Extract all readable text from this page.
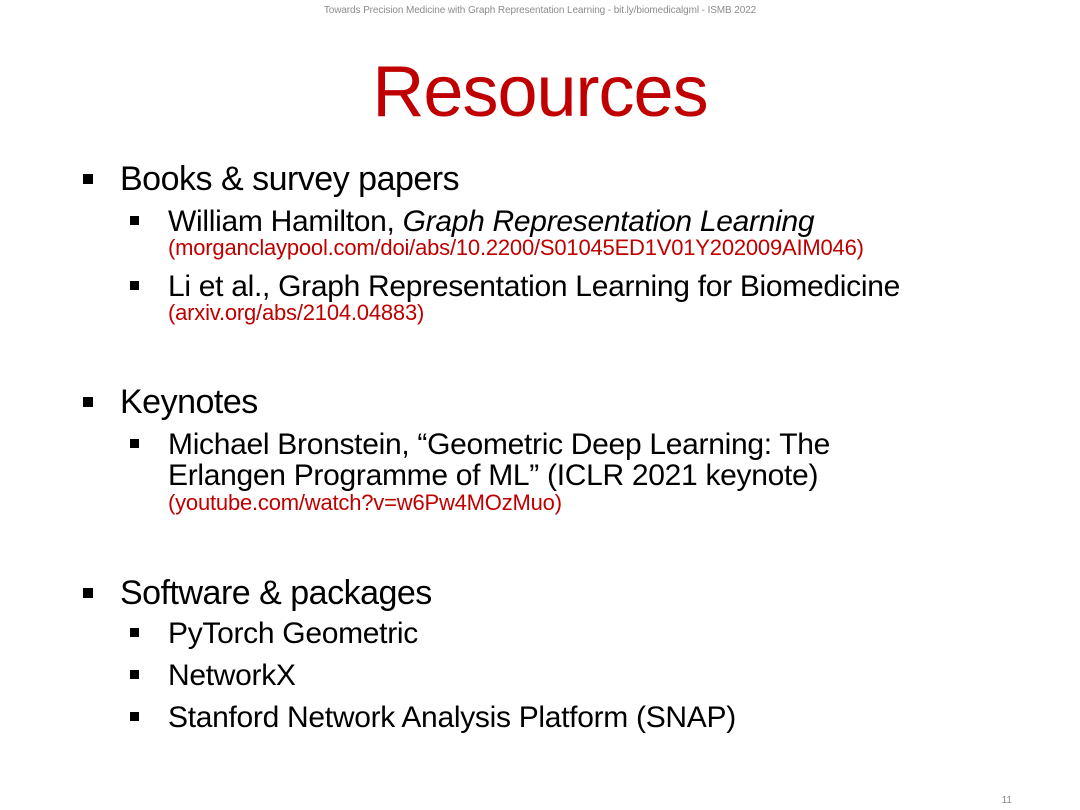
Towards Precision Medicine with Graph Representation Learning - bit.ly/biomedicalgml - ISMB 2022
Resources
Books & survey papers
William Hamilton, Graph Representation Learning
(morganclaypool.com/doi/abs/10.2200/S01045ED1V01Y202009AIM046)
Li et al., Graph Representation Learning for Biomedicine
(arxiv.org/abs/2104.04883)
Keynotes
Michael Bronstein, “Geometric Deep Learning: The
Erlangen Programme of ML” (ICLR 2021 keynote)
(youtube.com/watch?v=w6Pw4MOzMuo)
Software & packages
PyTorch Geometric
NetworkX
Stanford Network Analysis Platform (SNAP)
11
